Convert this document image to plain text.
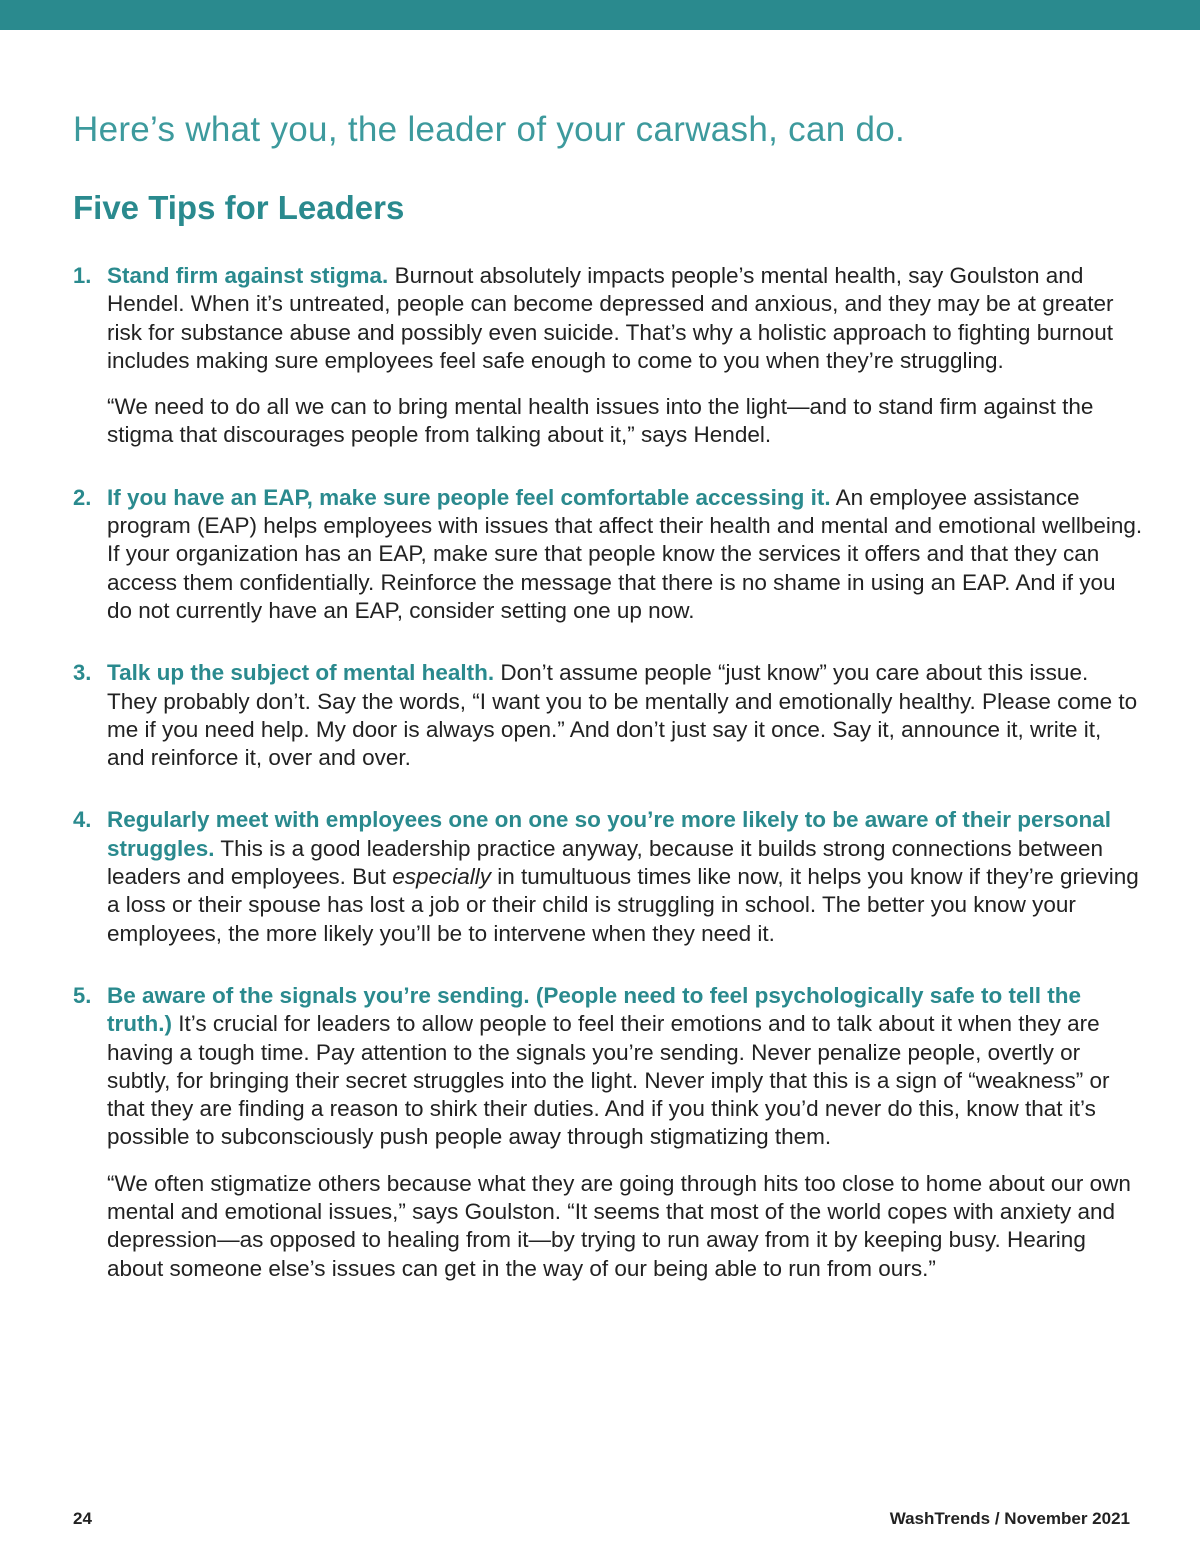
Here’s what you, the leader of your carwash, can do.
Five Tips for Leaders
1. Stand firm against stigma. Burnout absolutely impacts people’s mental health, say Goulston and Hendel. When it’s untreated, people can become depressed and anxious, and they may be at greater risk for substance abuse and possibly even suicide. That’s why a holistic approach to fighting burnout includes making sure employees feel safe enough to come to you when they’re struggling.

“We need to do all we can to bring mental health issues into the light—and to stand firm against the stigma that discourages people from talking about it,” says Hendel.

2. If you have an EAP, make sure people feel comfortable accessing it. An employee assistance program (EAP) helps employees with issues that affect their health and mental and emotional wellbeing. If your organization has an EAP, make sure that people know the services it offers and that they can access them confidentially. Reinforce the message that there is no shame in using an EAP. And if you do not currently have an EAP, consider setting one up now.

3. Talk up the subject of mental health. Don’t assume people “just know” you care about this issue. They probably don’t. Say the words, “I want you to be mentally and emotionally healthy. Please come to me if you need help. My door is always open.” And don’t just say it once. Say it, announce it, write it, and reinforce it, over and over.

4. Regularly meet with employees one on one so you’re more likely to be aware of their personal struggles. This is a good leadership practice anyway, because it builds strong connections between leaders and employees. But especially in tumultuous times like now, it helps you know if they’re grieving a loss or their spouse has lost a job or their child is struggling in school. The better you know your employees, the more likely you’ll be to intervene when they need it.

5. Be aware of the signals you’re sending. (People need to feel psychologically safe to tell the truth.) It’s crucial for leaders to allow people to feel their emotions and to talk about it when they are having a tough time. Pay attention to the signals you’re sending. Never penalize people, overtly or subtly, for bringing their secret struggles into the light. Never imply that this is a sign of “weakness” or that they are finding a reason to shirk their duties. And if you think you’d never do this, know that it’s possible to subconsciously push people away through stigmatizing them.

“We often stigmatize others because what they are going through hits too close to home about our own mental and emotional issues,” says Goulston. “It seems that most of the world copes with anxiety and depression—as opposed to healing from it—by trying to run away from it by keeping busy. Hearing about someone else’s issues can get in the way of our being able to run from ours.”

24	WashTrends / November 2021
